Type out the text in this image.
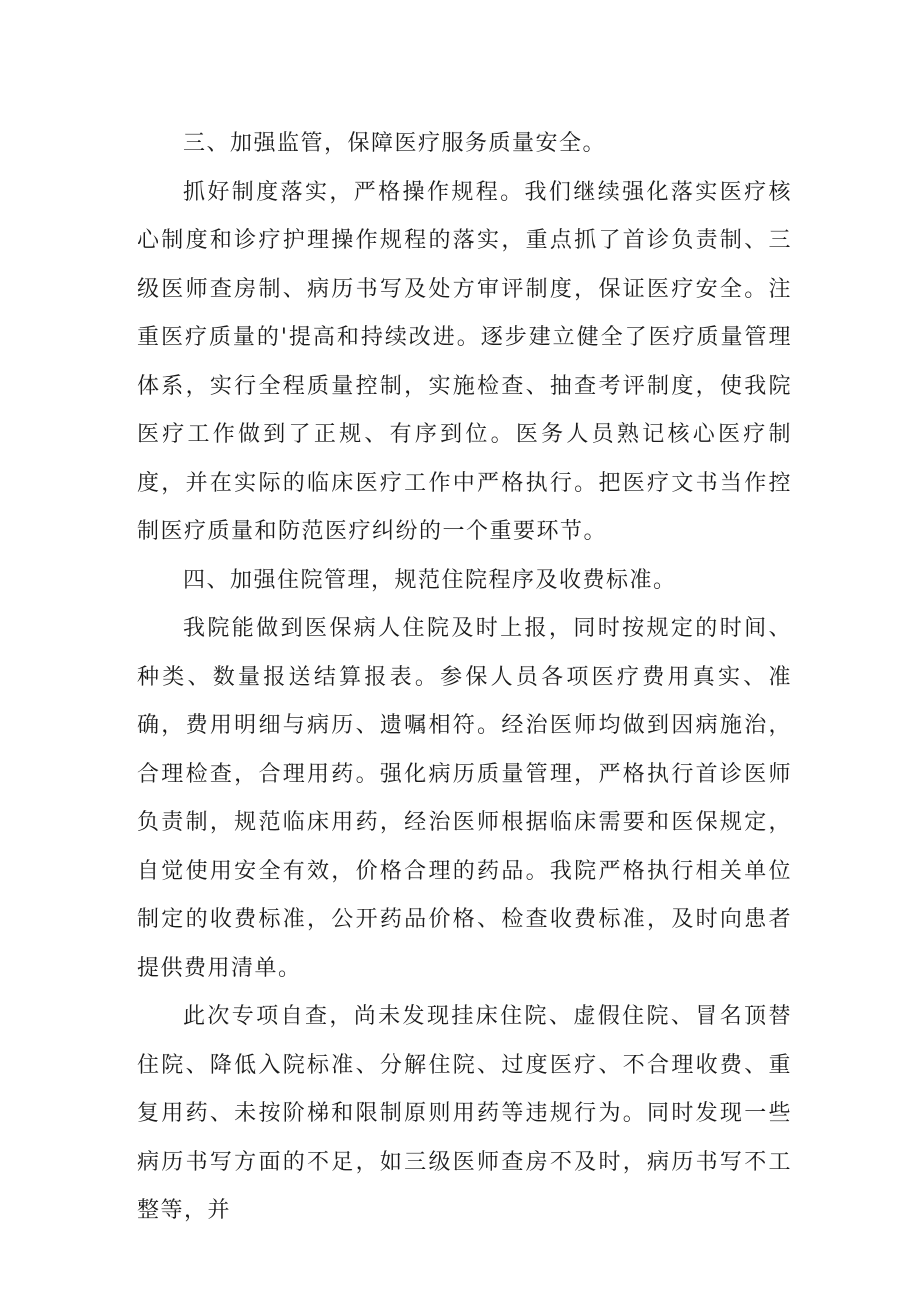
三、加强监管，保障医疗服务质量安全。

抓好制度落实，严格操作规程。我们继续强化落实医疗核心制度和诊疗护理操作规程的落实，重点抓了首诊负责制、三级医师查房制、病历书写及处方审评制度，保证医疗安全。注重医疗质量的'提高和持续改进。逐步建立健全了医疗质量管理体系，实行全程质量控制，实施检查、抽查考评制度，使我院医疗工作做到了正规、有序到位。医务人员熟记核心医疗制度，并在实际的临床医疗工作中严格执行。把医疗文书当作控制医疗质量和防范医疗纠纷的一个重要环节。

四、加强住院管理，规范住院程序及收费标准。

我院能做到医保病人住院及时上报，同时按规定的时间、种类、数量报送结算报表。参保人员各项医疗费用真实、准确，费用明细与病历、遗嘱相符。经治医师均做到因病施治，合理检查，合理用药。强化病历质量管理，严格执行首诊医师负责制，规范临床用药，经治医师根据临床需要和医保规定，自觉使用安全有效，价格合理的药品。我院严格执行相关单位制定的收费标准，公开药品价格、检查收费标准，及时向患者提供费用清单。

此次专项自查，尚未发现挂床住院、虚假住院、冒名顶替住院、降低入院标准、分解住院、过度医疗、不合理收费、重复用药、未按阶梯和限制原则用药等违规行为。同时发现一些病历书写方面的不足，如三级医师查房不及时，病历书写不工整等，并
